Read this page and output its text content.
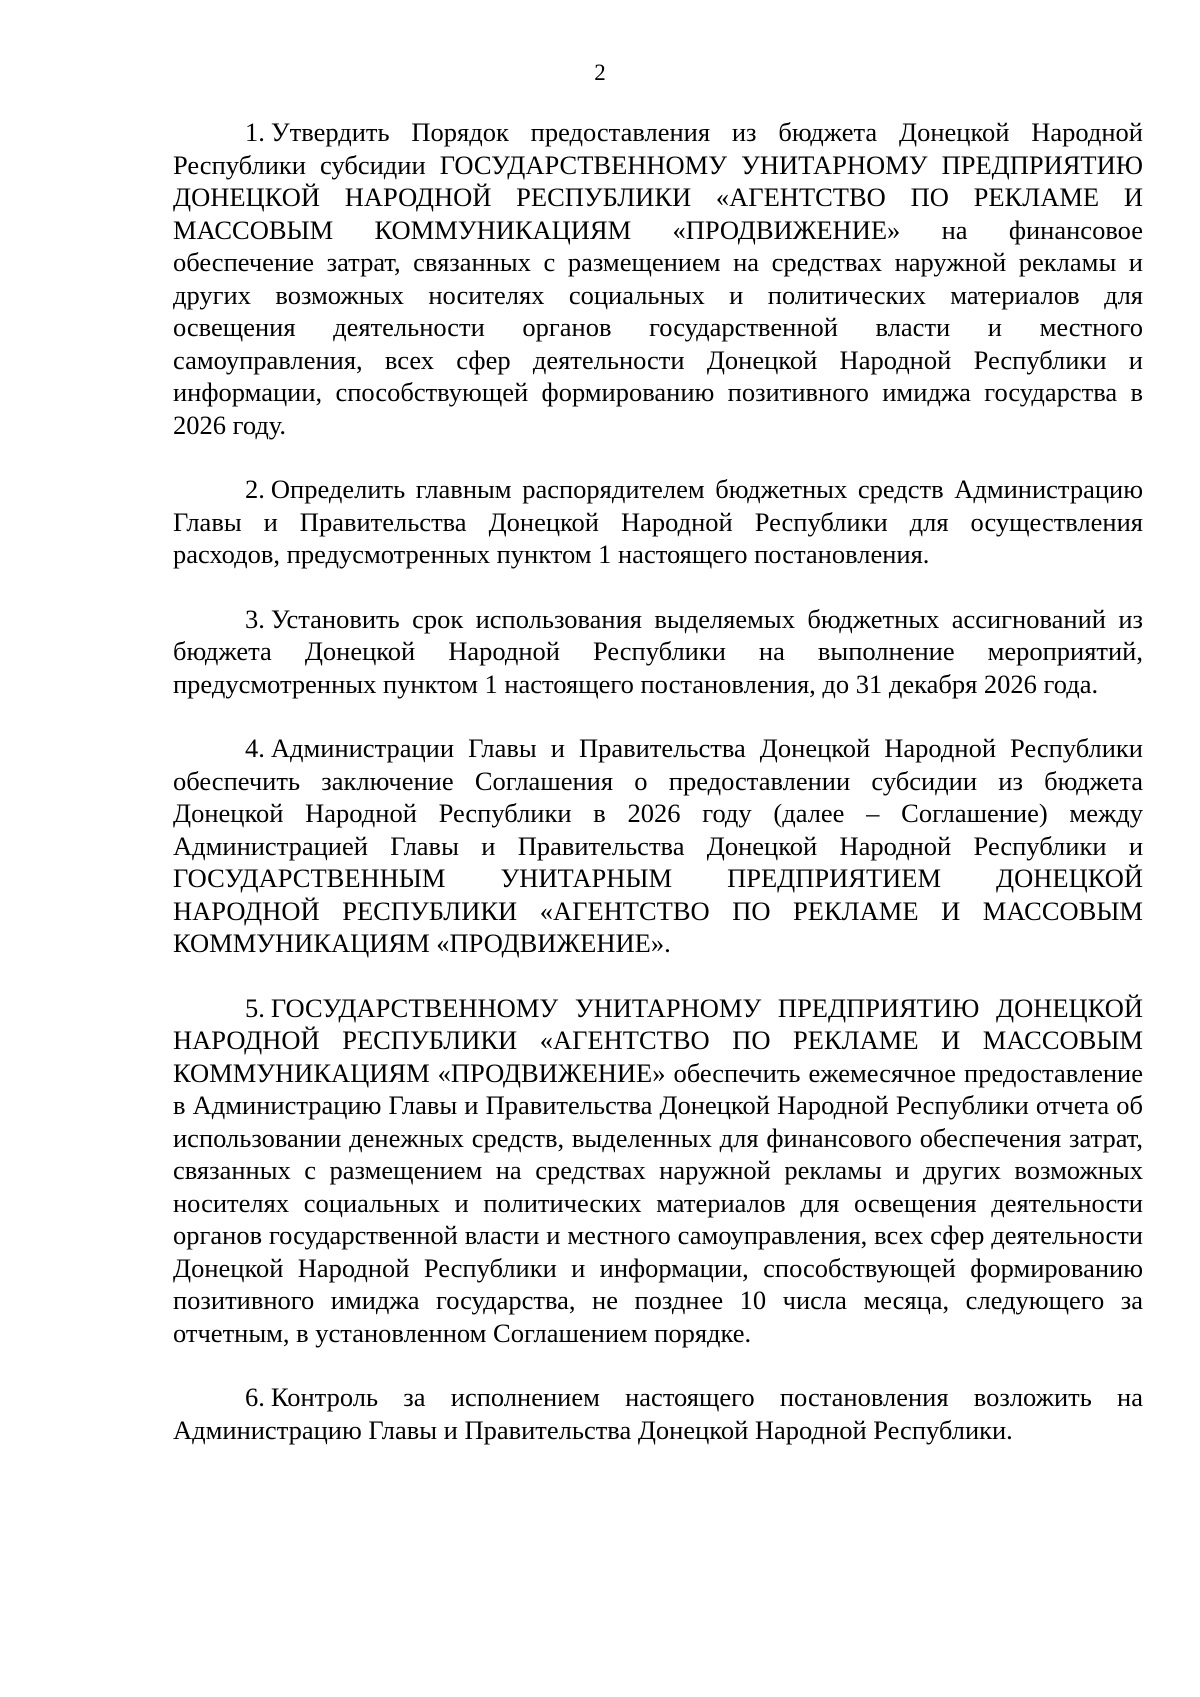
2

1. Утвердить Порядок предоставления из бюджета Донецкой Народной Республики субсидии ГОСУДАРСТВЕННОМУ УНИТАРНОМУ ПРЕДПРИЯТИЮ ДОНЕЦКОЙ НАРОДНОЙ РЕСПУБЛИКИ «АГЕНТСТВО ПО РЕКЛАМЕ И МАССОВЫМ КОММУНИКАЦИЯМ «ПРОДВИЖЕНИЕ» на финансовое обеспечение затрат, связанных с размещением на средствах наружной рекламы и других возможных носителях социальных и политических материалов для освещения деятельности органов государственной власти и местного самоуправления, всех сфер деятельности Донецкой Народной Республики и информации, способствующей формированию позитивного имиджа государства в 2026 году.

2. Определить главным распорядителем бюджетных средств Администрацию Главы и Правительства Донецкой Народной Республики для осуществления расходов, предусмотренных пунктом 1 настоящего постановления.

3. Установить срок использования выделяемых бюджетных ассигнований из бюджета Донецкой Народной Республики на выполнение мероприятий, предусмотренных пунктом 1 настоящего постановления, до 31 декабря 2026 года.

4. Администрации Главы и Правительства Донецкой Народной Республики обеспечить заключение Соглашения о предоставлении субсидии из бюджета Донецкой Народной Республики в 2026 году (далее – Соглашение) между Администрацией Главы и Правительства Донецкой Народной Республики и ГОСУДАРСТВЕННЫМ УНИТАРНЫМ ПРЕДПРИЯТИЕМ ДОНЕЦКОЙ НАРОДНОЙ РЕСПУБЛИКИ «АГЕНТСТВО ПО РЕКЛАМЕ И МАССОВЫМ КОММУНИКАЦИЯМ «ПРОДВИЖЕНИЕ».

5. ГОСУДАРСТВЕННОМУ УНИТАРНОМУ ПРЕДПРИЯТИЮ ДОНЕЦКОЙ НАРОДНОЙ РЕСПУБЛИКИ «АГЕНТСТВО ПО РЕКЛАМЕ И МАССОВЫМ КОММУНИКАЦИЯМ «ПРОДВИЖЕНИЕ» обеспечить ежемесячное предоставление в Администрацию Главы и Правительства Донецкой Народной Республики отчета об использовании денежных средств, выделенных для финансового обеспечения затрат, связанных с размещением на средствах наружной рекламы и других возможных носителях социальных и политических материалов для освещения деятельности органов государственной власти и местного самоуправления, всех сфер деятельности Донецкой Народной Республики и информации, способствующей формированию позитивного имиджа государства, не позднее 10 числа месяца, следующего за отчетным, в установленном Соглашением порядке.

6. Контроль за исполнением настоящего постановления возложить на Администрацию Главы и Правительства Донецкой Народной Республики.
